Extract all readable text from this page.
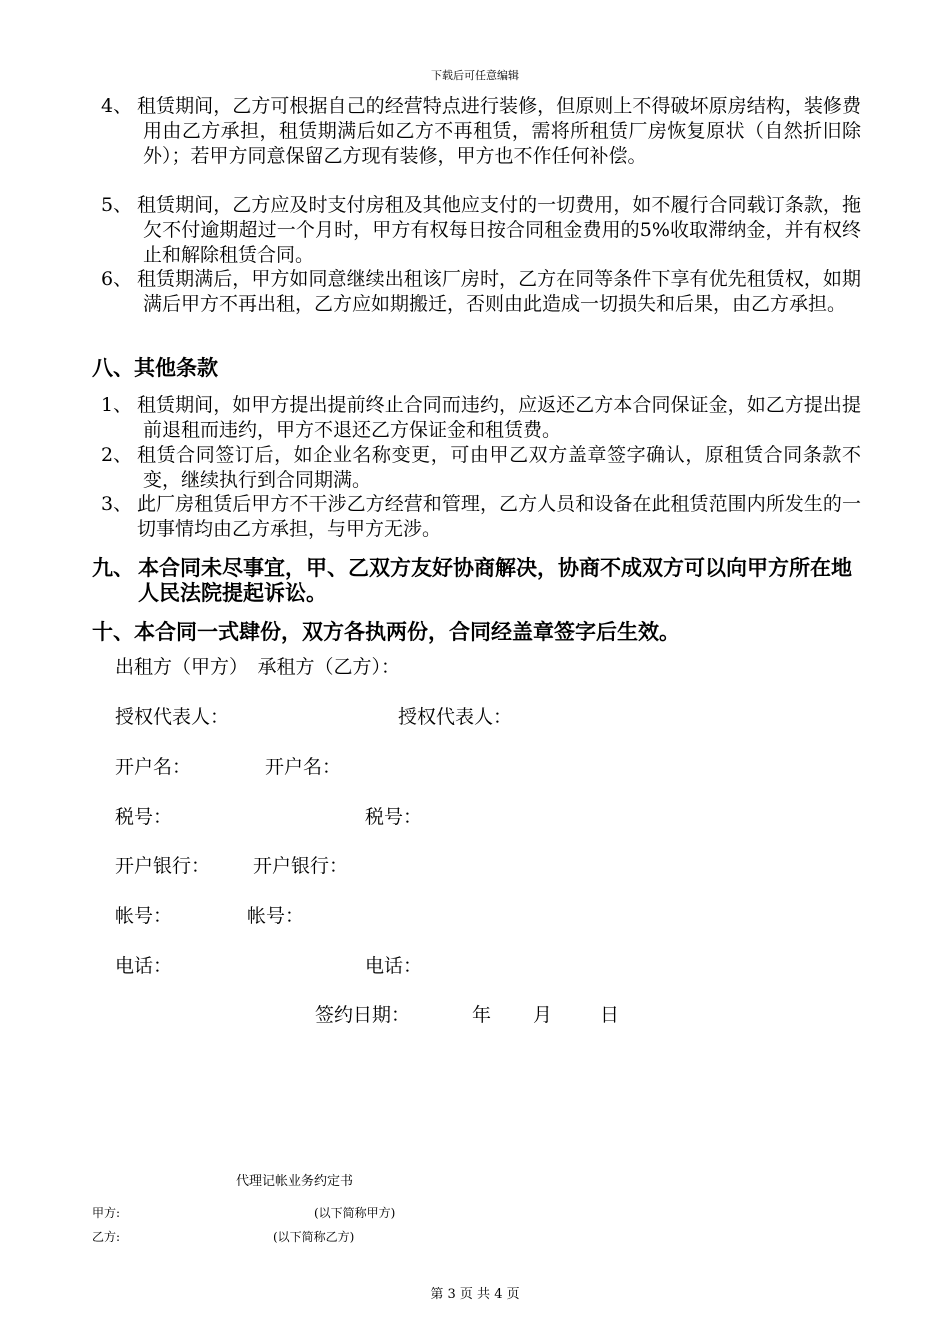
下载后可任意编辑
4、 租赁期间，乙方可根据自己的经营特点进行装修，但原则上不得破坏原房结构，装修费用由乙方承担，租赁期满后如乙方不再租赁，需将所租赁厂房恢复原状（自然折旧除外）；若甲方同意保留乙方现有装修，甲方也不作任何补偿。
5、 租赁期间，乙方应及时支付房租及其他应支付的一切费用，如不履行合同载订条款，拖欠不付逾期超过一个月时，甲方有权每日按合同租金费用的5%收取滞纳金，并有权终止和解除租赁合同。
6、 租赁期满后，甲方如同意继续出租该厂房时，乙方在同等条件下享有优先租赁权，如期满后甲方不再出租，乙方应如期搬迁，否则由此造成一切损失和后果，由乙方承担。
八、其他条款
1、 租赁期间，如甲方提出提前终止合同而违约，应返还乙方本合同保证金，如乙方提出提前退租而违约，甲方不退还乙方保证金和租赁费。
2、 租赁合同签订后，如企业名称变更，可由甲乙双方盖章签字确认，原租赁合同条款不变，继续执行到合同期满。
3、 此厂房租赁后甲方不干涉乙方经营和管理，乙方人员和设备在此租赁范围内所发生的一切事情均由乙方承担，与甲方无涉。
九、 本合同未尽事宜，甲、乙双方友好协商解决，协商不成双方可以向甲方所在地人民法院提起诉讼。
十、本合同一式肆份，双方各执两份，合同经盖章签字后生效。
出租方（甲方）　承租方（乙方）：
授权代表人：	授权代表人：
开户名：	开户名：
税号：	税号：
开户银行： 开户银行：
帐号：	帐号：
电话：	电话：
签约日期：	年 月	日
代理记帐业务约定书
甲方:	(以下简称甲方)
乙方:	(以下简称乙方)
第 3 页 共 4 页
